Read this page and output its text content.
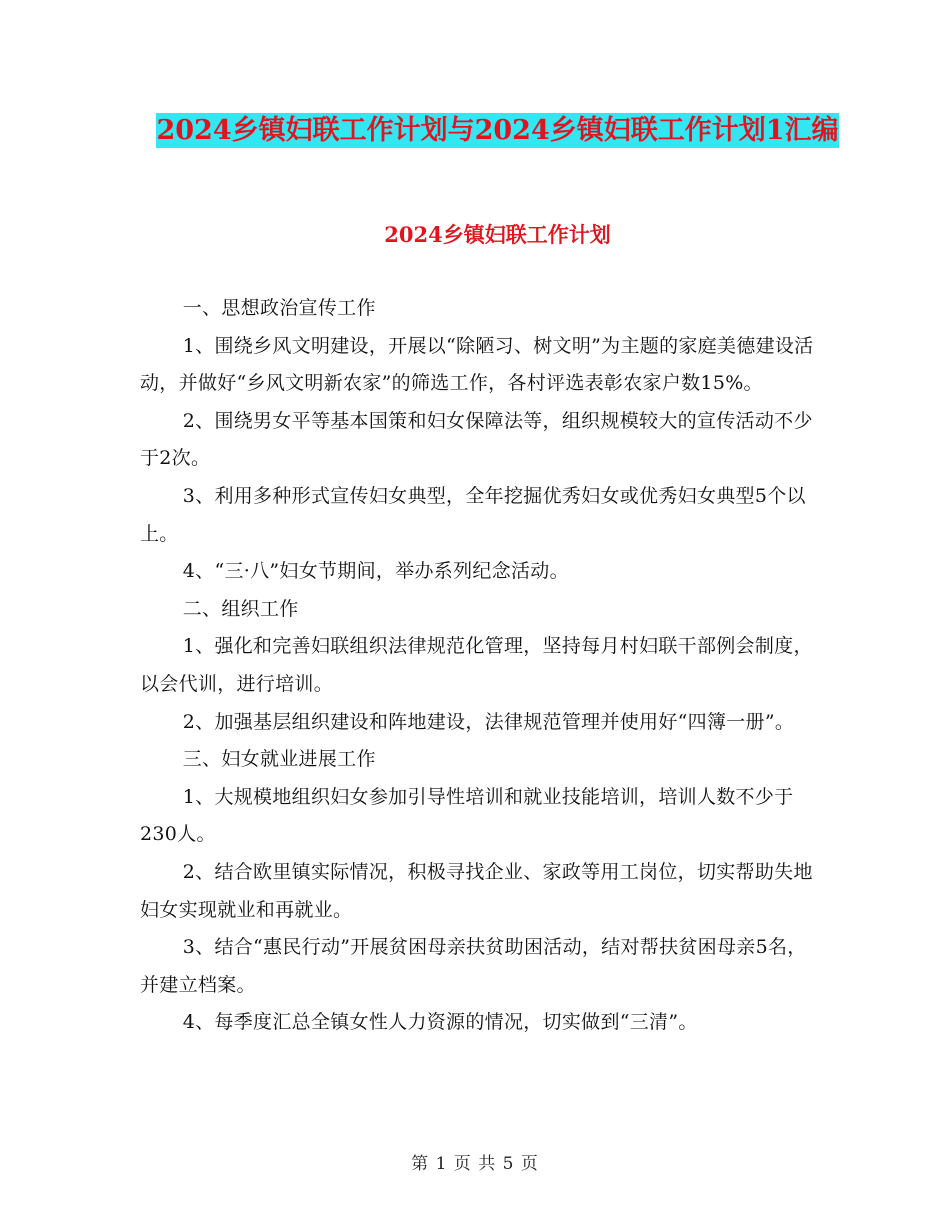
2024乡镇妇联工作计划与2024乡镇妇联工作计划1汇编
2024乡镇妇联工作计划

一、思想政治宣传工作

1、围绕乡风文明建设，开展以“除陋习、树文明”为主题的家庭美德建设活动，并做好“乡风文明新农家”的筛选工作，各村评选表彰农家户数15%。

2、围绕男女平等基本国策和妇女保障法等，组织规模较大的宣传活动不少于2次。

3、利用多种形式宣传妇女典型，全年挖掘优秀妇女或优秀妇女典型5个以上。

4、“三·八”妇女节期间，举办系列纪念活动。

二、组织工作

1、强化和完善妇联组织法律规范化管理，坚持每月村妇联干部例会制度，以会代训，进行培训。

2、加强基层组织建设和阵地建设，法律规范管理并使用好“四簿一册”。

三、妇女就业进展工作

1、大规模地组织妇女参加引导性培训和就业技能培训，培训人数不少于230人。

2、结合欧里镇实际情况，积极寻找企业、家政等用工岗位，切实帮助失地妇女实现就业和再就业。

3、结合“惠民行动”开展贫困母亲扶贫助困活动，结对帮扶贫困母亲5名，并建立档案。

4、每季度汇总全镇女性人力资源的情况，切实做到“三清”。

第 1 页 共 5 页
